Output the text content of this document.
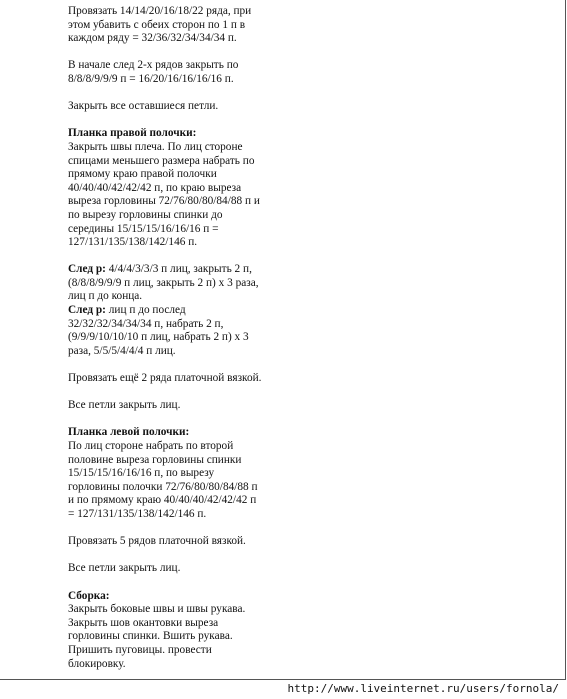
Провязать 14/14/20/16/18/22 ряда, при
этом убавить с обеих сторон по 1 п в
каждом ряду = 32/36/32/34/34/34 п.

В начале след 2-х рядов закрыть по
8/8/8/9/9/9 п = 16/20/16/16/16/16 п.

Закрыть все оставшиеся петли.

Планка правой полочки:
Закрыть швы плеча. По лиц стороне
спицами меньшего размера набрать по
прямому краю правой полочки
40/40/40/42/42/42 п, по краю выреза
выреза горловины 72/76/80/80/84/88 п и
по вырезу горловины спинки до
середины 15/15/15/16/16/16 п =
127/131/135/138/142/146 п.

След р: 4/4/4/3/3/3 п лиц, закрыть 2 п,
(8/8/8/9/9/9 п лиц, закрыть 2 п) х 3 раза,
лиц п до конца.

След р: лиц п до послед
32/32/32/34/34/34 п, набрать 2 п,
(9/9/9/10/10/10 п лиц, набрать 2 п) х 3
раза, 5/5/5/4/4/4 п лиц.

Провязать ещё 2 ряда платочной вязкой.

Все петли закрыть лиц.

Планка левой полочки:
По лиц стороне набрать по второй
половине выреза горловины спинки
15/15/15/16/16/16 п, по вырезу
горловины полочки 72/76/80/80/84/88 п
и по прямому краю 40/40/40/42/42/42 п
= 127/131/135/138/142/146 п.

Провязать 5 рядов платочной вязкой.

Все петли закрыть лиц.

Сборка:
Закрыть боковые швы и швы рукава.
Закрыть шов окантовки выреза
горловины спинки. Вшить рукава.
Пришить пуговицы. провести
блокировку.

http://www.liveinternet.ru/users/fornola/
